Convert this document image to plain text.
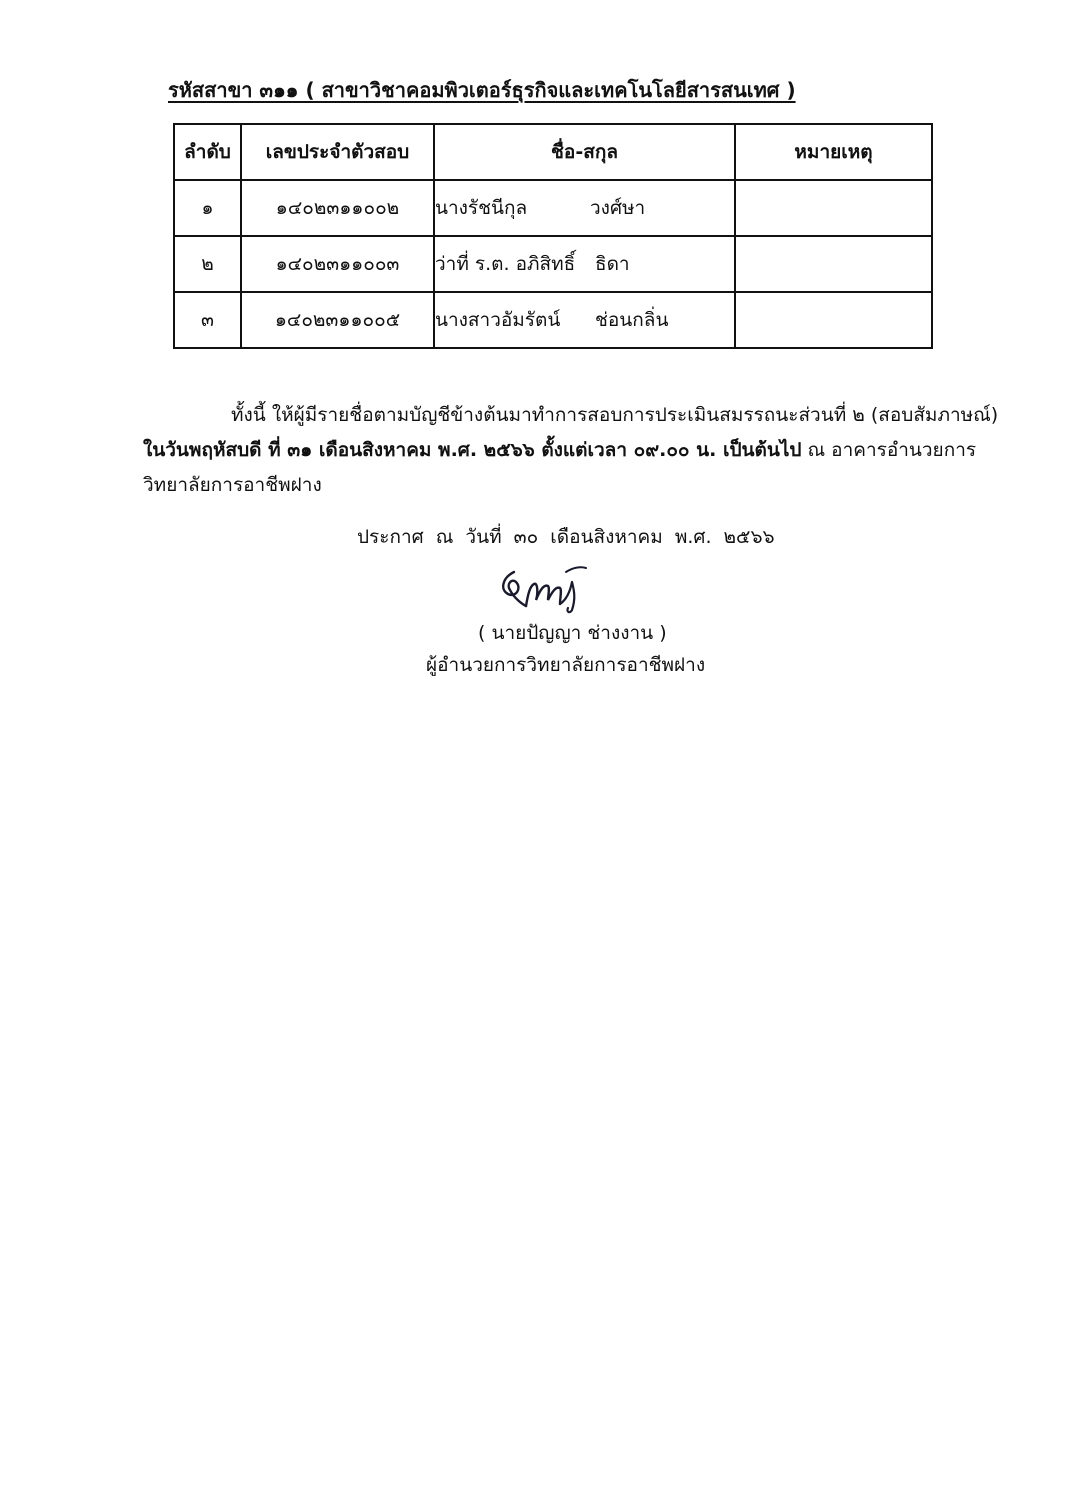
รหัสสาขา ๓๑๑ ( สาขาวิชาคอมพิวเตอร์ธุรกิจและเทคโนโลยีสารสนเทศ )
ลำดับ	เลขประจำตัวสอบ	ชื่อ-สกุล	หมายเหตุ
๑	๑๔๐๒๓๑๑๐๐๒	นางรัชนีกุล วงศ์ษา	
๒	๑๔๐๒๓๑๑๐๐๓	ว่าที่ ร.ต. อภิสิทธิ์ ธิดา	
๓	๑๔๐๒๓๑๑๐๐๕	นางสาวอัมรัตน์ ช่อนกลิ่น	
ทั้งนี้ ให้ผู้มีรายชื่อตามบัญชีข้างต้นมาทำการสอบการประเมินสมรรถนะส่วนที่ ๒ (สอบสัมภาษณ์)
ในวันพฤหัสบดี ที่ ๓๑ เดือนสิงหาคม พ.ศ. ๒๕๖๖ ตั้งแต่เวลา ๐๙.๐๐ น. เป็นต้นไป ณ อาคารอำนวยการ
วิทยาลัยการอาชีพฝาง
ประกาศ ณ วันที่ ๓๐ เดือนสิงหาคม พ.ศ. ๒๕๖๖
( นายปัญญา ช่างงาน )
ผู้อำนวยการวิทยาลัยการอาชีพฝาง
